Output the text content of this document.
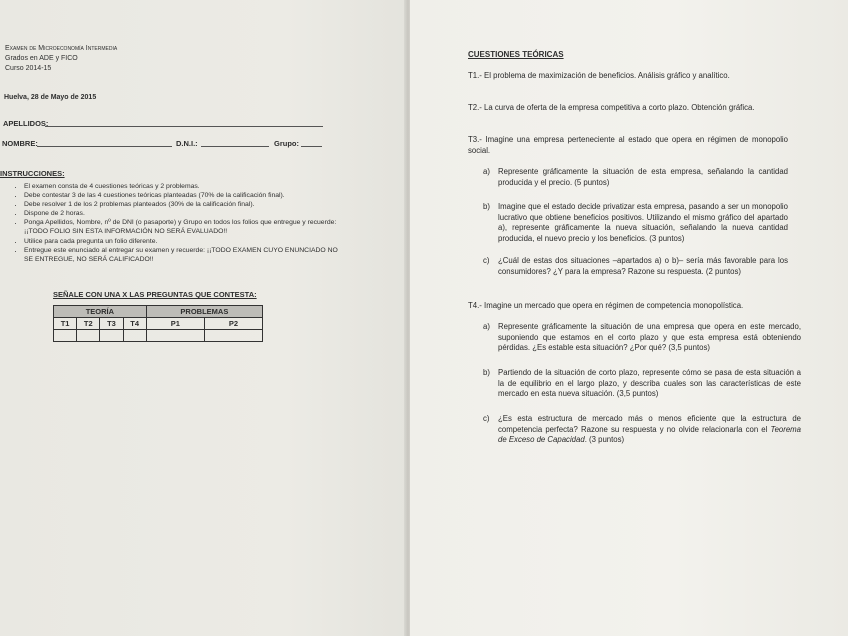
Examen de Microeconomía Intermedia
Grados en ADE y FICO
Curso 2014-15
Huelva, 28 de Mayo de 2015
APELLIDOS:
NOMBRE:	D.N.I.:	Grupo:
INSTRUCCIONES:
• El examen consta de 4 cuestiones teóricas y 2 problemas.
• Debe contestar 3 de las 4 cuestiones teóricas planteadas (70% de la calificación final).
• Debe resolver 1 de los 2 problemas planteados (30% de la calificación final).
• Dispone de 2 horas.
• Ponga Apellidos, Nombre, nº de DNI (o pasaporte) y Grupo en todos los folios que entregue y recuerde: ¡¡TODO FOLIO SIN ESTA INFORMACIÓN NO SERÁ EVALUADO!!
• Utilice para cada pregunta un folio diferente.
• Entregue este enunciado al entregar su examen y recuerde: ¡¡TODO EXAMEN CUYO ENUNCIADO NO SE ENTREGUE, NO SERÁ CALIFICADO!!
SEÑALE CON UNA X LAS PREGUNTAS QUE CONTESTA:
TEORÍA				PROBLEMAS	
T1	T2	T3	T4	P1	P2

CUESTIONES TEÓRICAS
T1.- El problema de maximización de beneficios. Análisis gráfico y analítico.
T2.- La curva de oferta de la empresa competitiva a corto plazo. Obtención gráfica.
T3.- Imagine una empresa perteneciente al estado que opera en régimen de monopolio social.
a) Represente gráficamente la situación de esta empresa, señalando la cantidad producida y el precio. (5 puntos)
b) Imagine que el estado decide privatizar esta empresa, pasando a ser un monopolio lucrativo que obtiene beneficios positivos. Utilizando el mismo gráfico del apartado a), represente gráficamente la nueva situación, señalando la nueva cantidad producida, el nuevo precio y los beneficios. (3 puntos)
c) ¿Cuál de estas dos situaciones –apartados a) o b)– sería más favorable para los consumidores? ¿Y para la empresa? Razone su respuesta. (2 puntos)
T4.- Imagine un mercado que opera en régimen de competencia monopolística.
a) Represente gráficamente la situación de una empresa que opera en este mercado, suponiendo que estamos en el corto plazo y que esta empresa está obteniendo pérdidas. ¿Es estable esta situación? ¿Por qué? (3,5 puntos)
b) Partiendo de la situación de corto plazo, represente cómo se pasa de esta situación a la de equilibrio en el largo plazo, y describa cuales son las características de este mercado en esta nueva situación. (3,5 puntos)
c) ¿Es esta estructura de mercado más o menos eficiente que la estructura de competencia perfecta? Razone su respuesta y no olvide relacionarla con el Teorema de Exceso de Capacidad. (3 puntos)
